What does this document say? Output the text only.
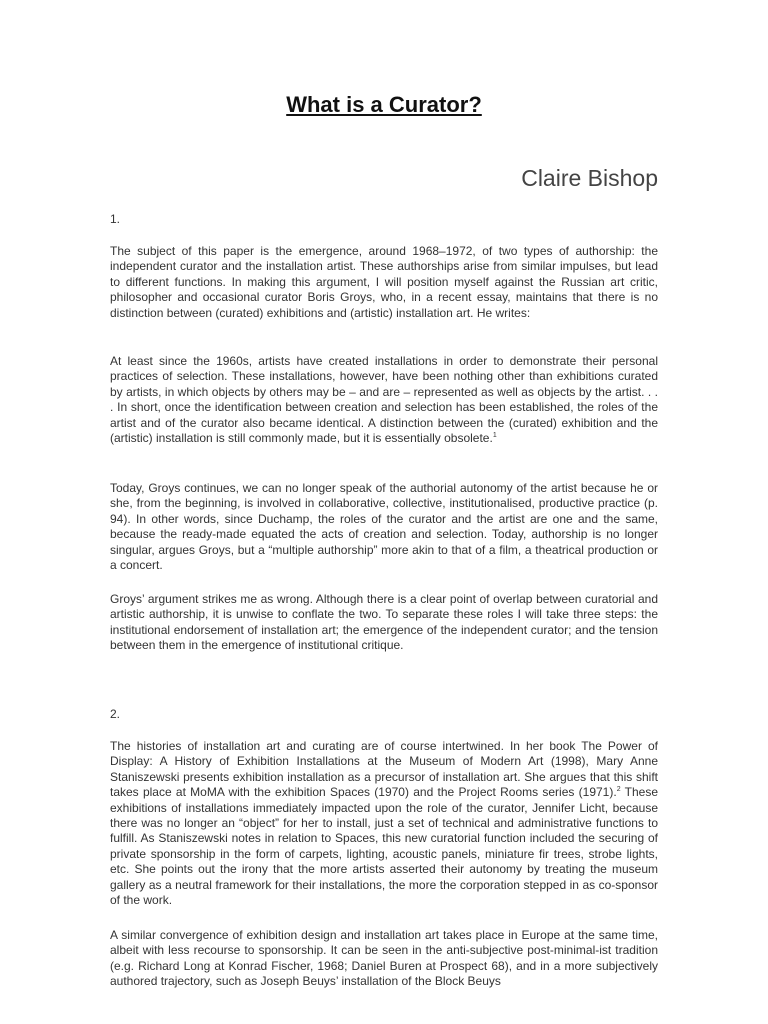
What is a Curator?
Claire Bishop
1.

The subject of this paper is the emergence, around 1968–1972, of two types of authorship: the independent curator and the installation artist. These authorships arise from similar impulses, but lead to different functions. In making this argument, I will position myself against the Russian art critic, philosopher and occasional curator Boris Groys, who, in a recent essay, maintains that there is no distinction between (curated) exhibitions and (artistic) installation art. He writes:

At least since the 1960s, artists have created installations in order to demonstrate their personal practices of selection. These installations, however, have been nothing other than exhibitions curated by artists, in which objects by others may be – and are – represented as well as objects by the artist. . . . In short, once the identification between creation and selection has been established, the roles of the artist and of the curator also became identical. A distinction between the (curated) exhibition and the (artistic) installation is still commonly made, but it is essentially obsolete.$^1$

Today, Groys continues, we can no longer speak of the authorial autonomy of the artist because he or she, from the beginning, is involved in collaborative, collective, institutionalised, productive practice (p. 94). In other words, since Duchamp, the roles of the curator and the artist are one and the same, because the ready-made equated the acts of creation and selection. Today, authorship is no longer singular, argues Groys, but a “multiple authorship” more akin to that of a film, a theatrical production or a concert.

Groys’ argument strikes me as wrong. Although there is a clear point of overlap between curatorial and artistic authorship, it is unwise to conflate the two. To separate these roles I will take three steps: the institutional endorsement of installation art; the emergence of the independent curator; and the tension between them in the emergence of institutional critique.

2.

The histories of installation art and curating are of course intertwined. In her book The Power of Display: A History of Exhibition Installations at the Museum of Modern Art (1998), Mary Anne Staniszewski presents exhibition installation as a precursor of installation art. She argues that this shift takes place at MoMA with the exhibition Spaces (1970) and the Project Rooms series (1971).$^2$ These exhibitions of installations immediately impacted upon the role of the curator, Jennifer Licht, because there was no longer an “object” for her to install, just a set of technical and administrative functions to fulfill. As Staniszewski notes in relation to Spaces, this new curatorial function included the securing of private sponsorship in the form of carpets, lighting, acoustic panels, miniature fir trees, strobe lights, etc. She points out the irony that the more artists asserted their autonomy by treating the museum gallery as a neutral framework for their installations, the more the corporation stepped in as co-sponsor of the work.

A similar convergence of exhibition design and installation art takes place in Europe at the same time, albeit with less recourse to sponsorship. It can be seen in the anti-subjective post-minimal-ist tradition (e.g. Richard Long at Konrad Fischer, 1968; Daniel Buren at Prospect 68), and in a more subjectively authored trajectory, such as Joseph Beuys’ installation of the Block Beuys
